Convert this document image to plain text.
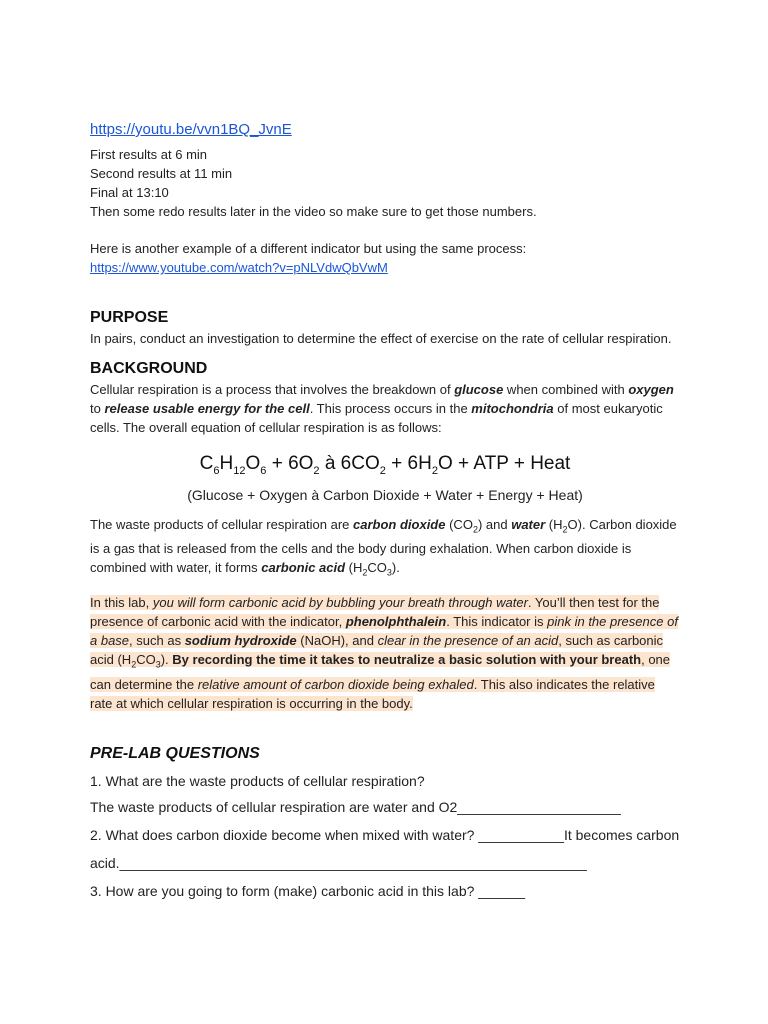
https://youtu.be/vvn1BQ_JvnE
First results at 6 min
Second results at 11 min
Final at 13:10
Then some redo results later in the video so make sure to get those numbers.
Here is another example of a different indicator but using the same process:
https://www.youtube.com/watch?v=pNLVdwQbVwM
PURPOSE

In pairs, conduct an investigation to determine the effect of exercise on the rate of cellular respiration.

BACKGROUND

Cellular respiration is a process that involves the breakdown of glucose when combined with oxygen to release usable energy for the cell. This process occurs in the mitochondria of most eukaryotic cells. The overall equation of cellular respiration is as follows:

$C_6H_{12}O_6 + 6O_2$ à $6CO_2 + 6H_2O$ + ATP + Heat
(Glucose + Oxygen à Carbon Dioxide + Water + Energy + Heat)

The waste products of cellular respiration are carbon dioxide $(CO_2)$ and water $(H_2O)$. Carbon dioxide is a gas that is released from the cells and the body during exhalation. When carbon dioxide is combined with water, it forms carbonic acid $(H_2CO_3)$.

In this lab, you will form carbonic acid by bubbling your breath through water. You’ll then test for the presence of carbonic acid with the indicator, phenolphthalein. This indicator is pink in the presence of a base, such as sodium hydroxide (NaOH), and clear in the presence of an acid, such as carbonic acid $(H_2CO_3)$. By recording the time it takes to neutralize a basic solution with your breath, one can determine the relative amount of carbon dioxide being exhaled. This also indicates the relative rate at which cellular respiration is occurring in the body.

PRE-LAB QUESTIONS

1. What are the waste products of cellular respiration?

The waste products of cellular respiration are water and O2_____________________

2. What does carbon dioxide become when mixed with water? ___________It becomes carbon acid.____________________________________________________________

3. How are you going to form (make) carbonic acid in this lab? ______
